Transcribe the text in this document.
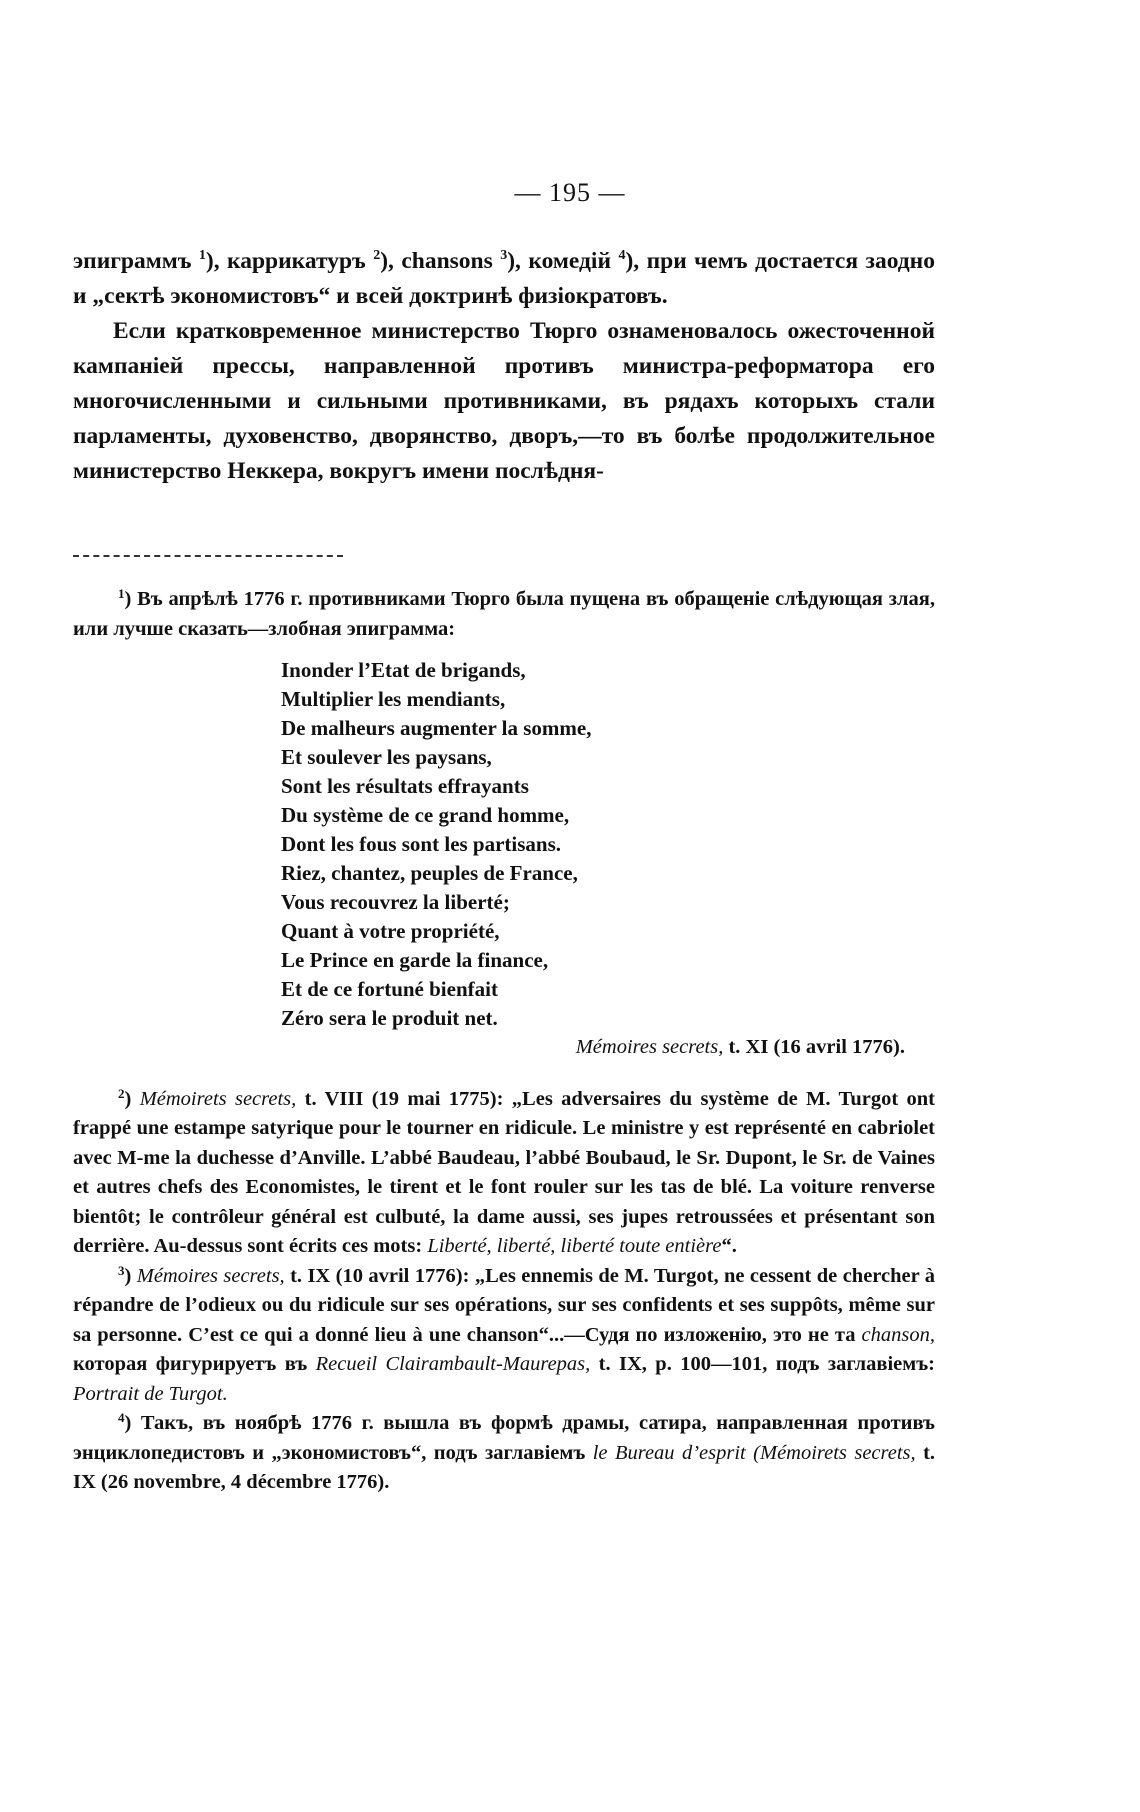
— 195 —

эпиграммъ $^1$), каррикатуръ $^2$), chansons $^3$), комедій $^4$), при чемъ достается заодно и „сектѣ экономистовъ“ и всей доктринѣ физіократовъ.

Если кратковременное министерство Тюрго ознаменовалось ожесточенной кампаніей прессы, направленной противъ министра-реформатора его многочисленными и сильными противниками, въ рядахъ которыхъ стали парламенты, духовенство, дворянство, дворъ,—то въ болѣе продолжительное министерство Неккера, вокругъ имени послѣдня-

$^1$) Въ апрѣлѣ 1776 г. противниками Тюрго была пущена въ обращеніе слѣдующая злая, или лучше сказать—злобная эпиграмма:

Inonder l’Etat de brigands,
Multiplier les mendiants,
De malheurs augmenter la somme,
Et soulever les paysans,
Sont les résultats effrayants
Du système de ce grand homme,
Dont les fous sont les partisans.
Riez, chantez, peuples de France,
Vous recouvrez la liberté;
Quant à votre propriété,
Le Prince en garde la finance,
Et de ce fortuné bienfait
Zéro sera le produit net.

Mémoires secrets, t. XI (16 avril 1776).

$^2$) Mémoirets secrets, t. VIII (19 mai 1775): „Les adversaires du système de M. Turgot ont frappé une estampe satyrique pour le tourner en ridicule. Le ministre y est représenté en cabriolet avec M-me la duchesse d’Anville. L’abbé Baudeau, l’abbé Boubaud, le Sr. Dupont, le Sr. de Vaines et autres chefs des Economistes, le tirent et le font rouler sur les tas de blé. La voiture renverse bientôt; le contrôleur général est culbuté, la dame aussi, ses jupes retroussées et présentant son derrière. Au-dessus sont écrits ces mots: Liberté, liberté, liberté toute entière“.

$^3$) Mémoires secrets, t. IX (10 avril 1776): „Les ennemis de M. Turgot, ne cessent de chercher à répandre de l’odieux ou du ridicule sur ses opérations, sur ses confidents et ses suppôts, même sur sa personne. C’est ce qui a donné lieu à une chanson“...—Судя по изложенію, это не та chanson, которая фигурируетъ въ Recueil Clairambault-Maurepas, t. IX, p. 100—101, подъ заглавіемъ: Portrait de Turgot.

$^4$) Такъ, въ ноябрѣ 1776 г. вышла въ формѣ драмы, сатира, направленная противъ энциклопедистовъ и „экономистовъ“, подъ заглавіемъ le Bureau d’esprit (Mémoirets secrets, t. IX (26 novembre, 4 décembre 1776).
